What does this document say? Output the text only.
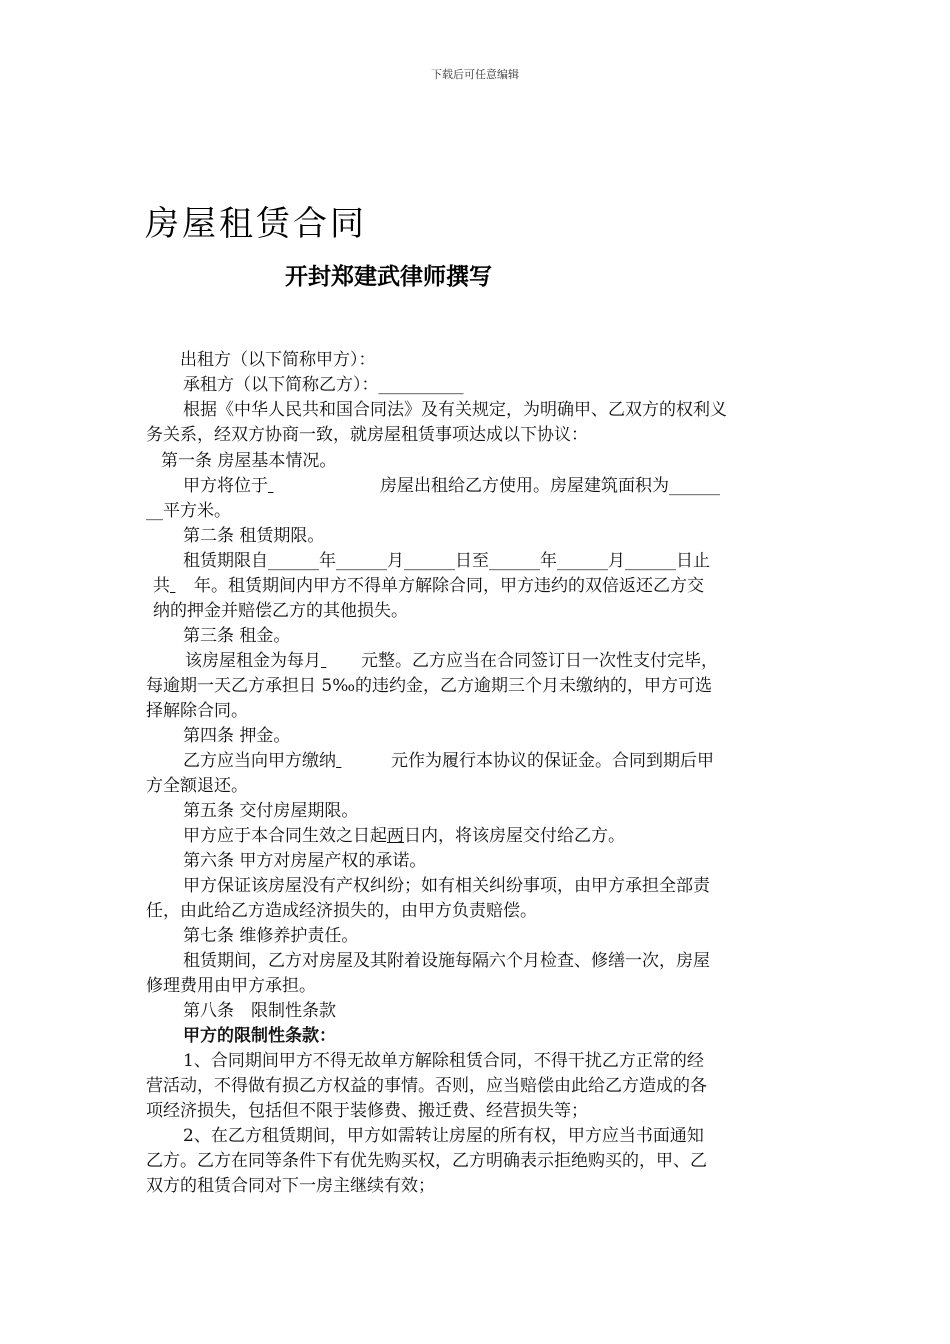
下载后可任意编辑
房屋租赁合同
开封郑建武律师撰写
出租方（以下简称甲方）：
承租方（以下简称乙方）：__________
根据《中华人民共和国合同法》及有关规定，为明确甲、乙双方的权利义
务关系，经双方协商一致，就房屋租赁事项达成以下协议：
第一条 房屋基本情况。
甲方将位于	房屋出租给乙方使用。房屋建筑面积为______
__平方米。
第二条 租赁期限。
租赁期限自______年______月______日至______年______月______日止
共 年。租赁期间内甲方不得单方解除合同，甲方违约的双倍返还乙方交
纳的押金并赔偿乙方的其他损失。
第三条 租金。
该房屋租金为每月 元整。乙方应当在合同签订日一次性支付完毕，
每逾期一天乙方承担日 5‰的违约金，乙方逾期三个月未缴纳的，甲方可选
择解除合同。
第四条 押金。
乙方应当向甲方缴纳	元作为履行本协议的保证金。合同到期后甲
方全额退还。
第五条 交付房屋期限。
甲方应于本合同生效之日起两日内，将该房屋交付给乙方。
第六条 甲方对房屋产权的承诺。
甲方保证该房屋没有产权纠纷；如有相关纠纷事项，由甲方承担全部责
任，由此给乙方造成经济损失的，由甲方负责赔偿。
第七条 维修养护责任。
租赁期间，乙方对房屋及其附着设施每隔六个月检查、修缮一次，房屋
修理费用由甲方承担。
第八条　限制性条款
甲方的限制性条款：
1、合同期间甲方不得无故单方解除租赁合同，不得干扰乙方正常的经
营活动，不得做有损乙方权益的事情。否则，应当赔偿由此给乙方造成的各
项经济损失，包括但不限于装修费、搬迁费、经营损失等；
2、在乙方租赁期间，甲方如需转让房屋的所有权，甲方应当书面通知
乙方。乙方在同等条件下有优先购买权，乙方明确表示拒绝购买的，甲、乙
双方的租赁合同对下一房主继续有效；
